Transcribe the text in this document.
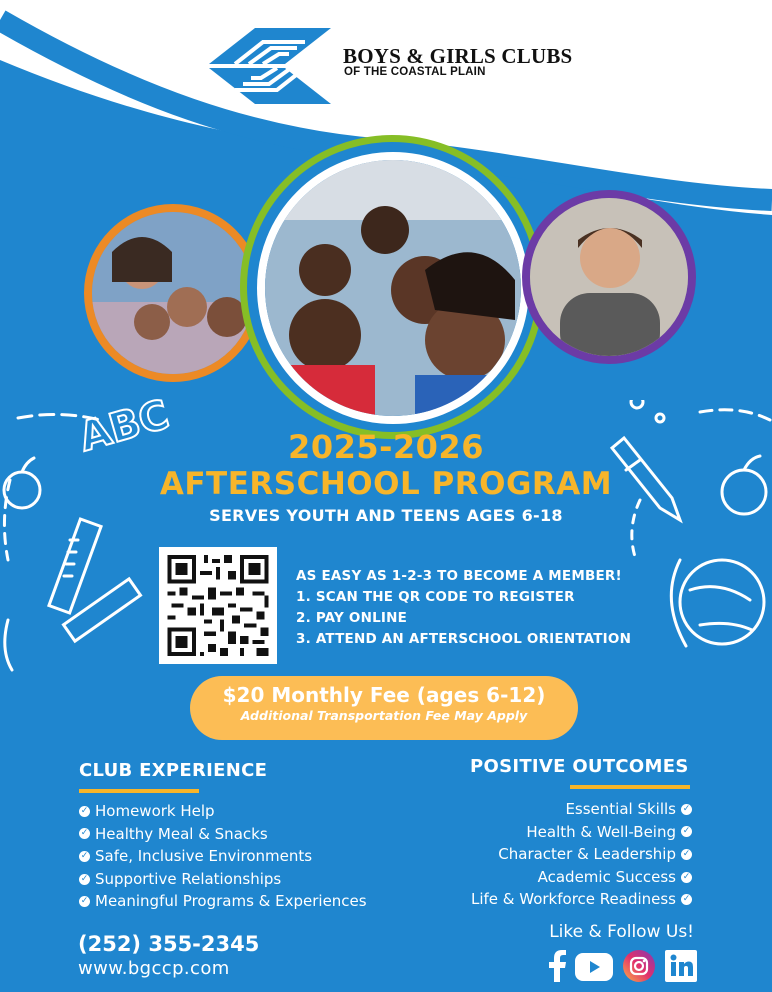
BOYS & GIRLS CLUBS
OF THE COASTAL PLAIN
ABC	2025-2026
AFTERSCHOOL PROGRAM
SERVES YOUTH AND TEENS AGES 6-18
AS EASY AS 1-2-3 TO BECOME A MEMBER!
1. SCAN THE QR CODE TO REGISTER
2. PAY ONLINE
3. ATTEND AN AFTERSCHOOL ORIENTATION
$20 Monthly Fee (ages 6-12)
Additional Transportation Fee May Apply
CLUB EXPERIENCE
✓ Homework Help
✓ Healthy Meal & Snacks
✓ Safe, Inclusive Environments
✓ Supportive Relationships
✓ Meaningful Programs & Experiences
POSITIVE OUTCOMES
Essential Skills ✓
Health & Well-Being ✓
Character & Leadership ✓
Academic Success ✓
Life & Workforce Readiness ✓
(252) 355-2345
www.bgccp.com
Like & Follow Us!
